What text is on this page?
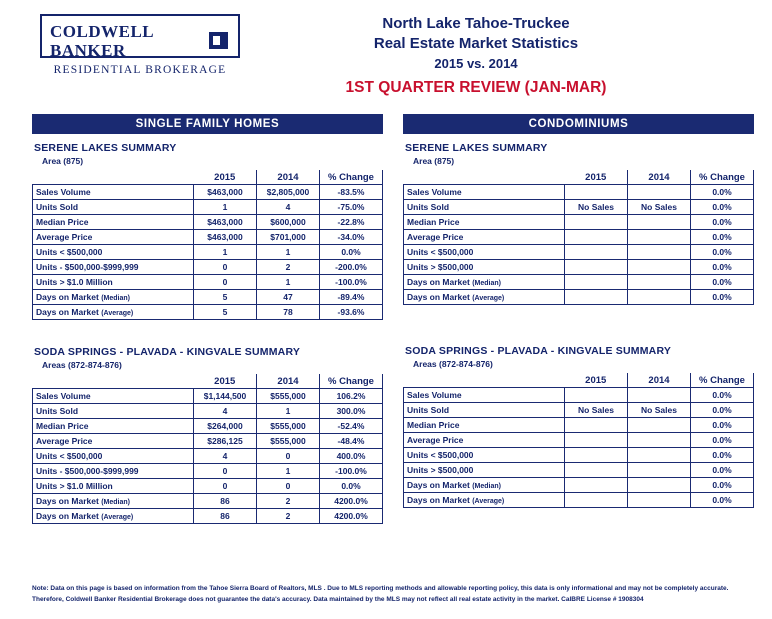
COLDWELL
BANKER
RESIDENTIAL BROKERAGE
North Lake Tahoe-Truckee
Real Estate Market Statistics
2015 vs. 2014
1ST QUARTER REVIEW (JAN-MAR)
SINGLE FAMILY HOMES
SERENE LAKES SUMMARY
Area (875)
	2015	2014	% Change
Sales Volume	$463,000	$2,805,000	-83.5%
Units Sold	1	4	-75.0%
Median Price	$463,000	$600,000	-22.8%
Average Price	$463,000	$701,000	-34.0%
Units < $500,000	1	1	0.0%
Units - $500,000-$999,999	0	2	-200.0%
Units > $1.0 Million	0	1	-100.0%
Days on Market (Median)	5	47	-89.4%
Days on Market (Average)	5	78	-93.6%
SODA SPRINGS - PLAVADA - KINGVALE SUMMARY
Areas (872-874-876)
	2015	2014	% Change
Sales Volume	$1,144,500	$555,000	106.2%
Units Sold	4	1	300.0%
Median Price	$264,000	$555,000	-52.4%
Average Price	$286,125	$555,000	-48.4%
Units < $500,000	4	0	400.0%
Units - $500,000-$999,999	0	1	-100.0%
Units > $1.0 Million	0	0	0.0%
Days on Market (Median)	86	2	4200.0%
Days on Market (Average)	86	2	4200.0%
CONDOMINIUMS
SERENE LAKES SUMMARY
Area (875)
	2015	2014	% Change
Sales Volume			0.0%
Units Sold	No Sales	No Sales	0.0%
Median Price			0.0%
Average Price			0.0%
Units < $500,000			0.0%
Units > $500,000			0.0%
Days on Market (Median)			0.0%
Days on Market (Average)			0.0%
SODA SPRINGS - PLAVADA - KINGVALE SUMMARY
Areas (872-874-876)
	2015	2014	% Change
Sales Volume			0.0%
Units Sold	No Sales	No Sales	0.0%
Median Price			0.0%
Average Price			0.0%
Units < $500,000			0.0%
Units > $500,000			0.0%
Days on Market (Median)			0.0%
Days on Market (Average)			0.0%
Note: Data on this page is based on information from the Tahoe Sierra Board of Realtors, MLS . Due to MLS reporting methods and allowable reporting policy, this data is only informational and may not be completely accurate.
Therefore, Coldwell Banker Residential Brokerage does not guarantee the data's accuracy. Data maintained by the MLS may not reflect all real estate activity in the market. CalBRE License # 1908304
